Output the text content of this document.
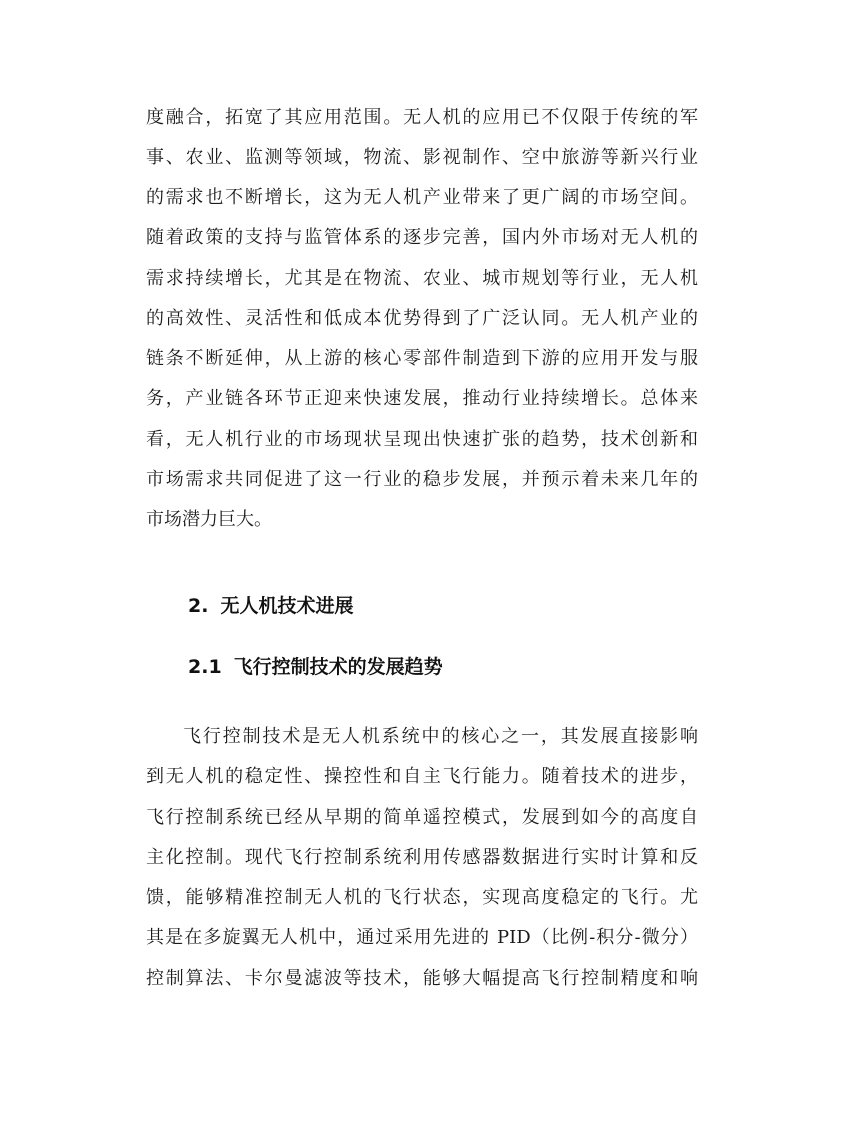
度融合，拓宽了其应用范围。无人机的应用已不仅限于传统的军
事、农业、监测等领域，物流、影视制作、空中旅游等新兴行业
的需求也不断增长，这为无人机产业带来了更广阔的市场空间。
随着政策的支持与监管体系的逐步完善，国内外市场对无人机的
需求持续增长，尤其是在物流、农业、城市规划等行业，无人机
的高效性、灵活性和低成本优势得到了广泛认同。无人机产业的
链条不断延伸，从上游的核心零部件制造到下游的应用开发与服
务，产业链各环节正迎来快速发展，推动行业持续增长。总体来
看，无人机行业的市场现状呈现出快速扩张的趋势，技术创新和
市场需求共同促进了这一行业的稳步发展，并预示着未来几年的
市场潜力巨大。
2. 无人机技术进展
2.1 飞行控制技术的发展趋势
飞行控制技术是无人机系统中的核心之一，其发展直接影响
到无人机的稳定性、操控性和自主飞行能力。随着技术的进步，
飞行控制系统已经从早期的简单遥控模式，发展到如今的高度自
主化控制。现代飞行控制系统利用传感器数据进行实时计算和反
馈，能够精准控制无人机的飞行状态，实现高度稳定的飞行。尤
其是在多旋翼无人机中，通过采用先进的 PID（比例-积分-微分）
控制算法、卡尔曼滤波等技术，能够大幅提高飞行控制精度和响
